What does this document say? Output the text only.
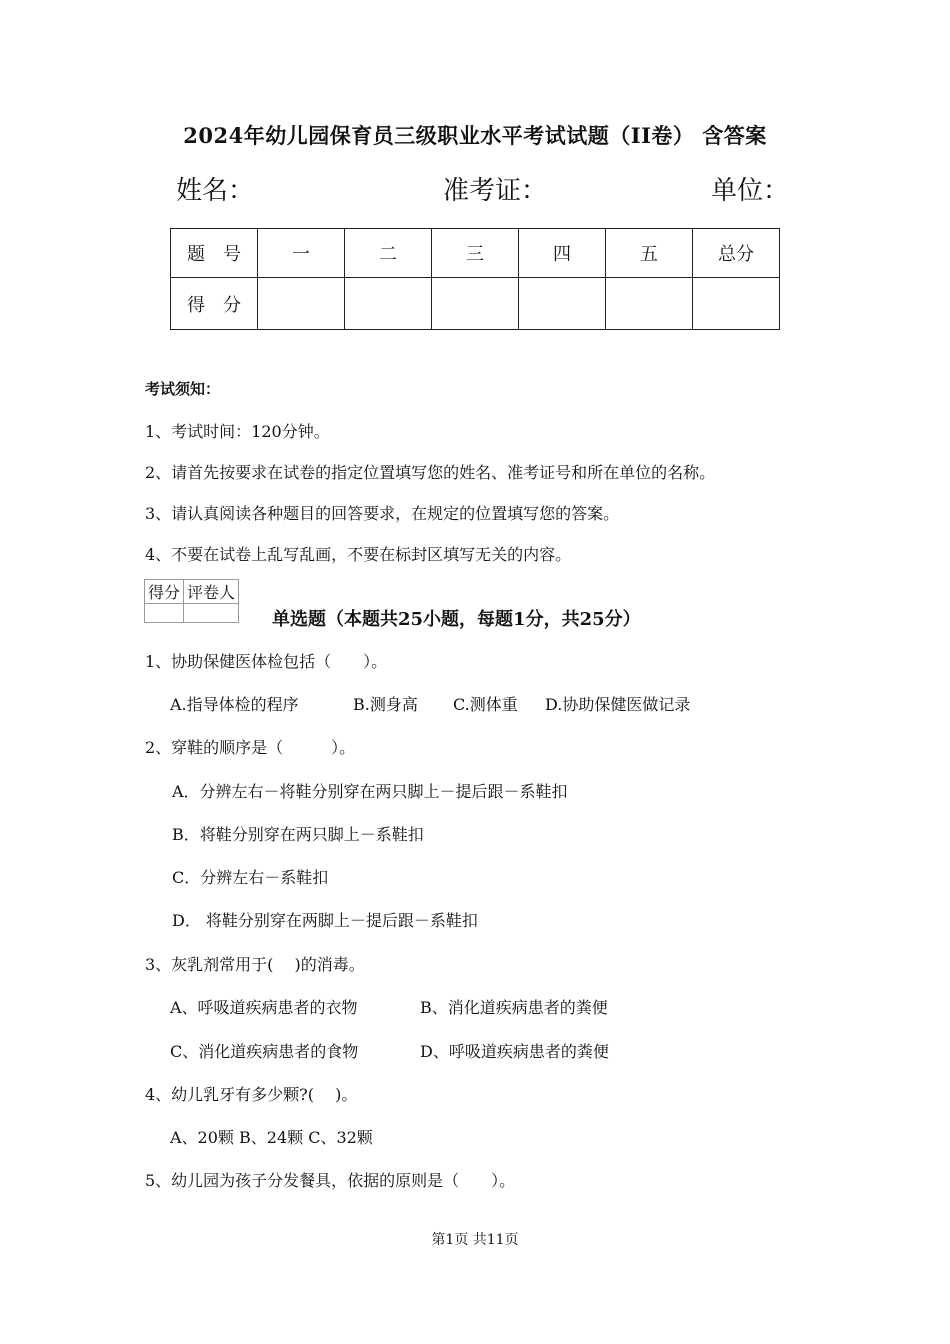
2024年幼儿园保育员三级职业水平考试试题（II卷） 含答案
姓名：	准考证：	单位：
题　号	一	二	三	四	五	总分
得　分						
考试须知：
1、考试时间：120分钟。
2、请首先按要求在试卷的指定位置填写您的姓名、准考证号和所在单位的名称。
3、请认真阅读各种题目的回答要求，在规定的位置填写您的答案。
4、不要在试卷上乱写乱画，不要在标封区填写无关的内容。
得分	评卷人

单选题（本题共25小题，每题1分，共25分）
1、协助保健医体检包括（　　）。
A.指导体检的程序	B.测身高 C.测体重 D.协助保健医做记录
2、穿鞋的顺序是（　　　）。
A．分辨左右－将鞋分别穿在两只脚上－提后跟－系鞋扣
B．将鞋分别穿在两只脚上－系鞋扣
C．分辨左右－系鞋扣
D． 将鞋分别穿在两脚上－提后跟－系鞋扣
3、灰乳剂常用于(　 )的消毒。
A、呼吸道疾病患者的衣物	B、消化道疾病患者的粪便
C、消化道疾病患者的食物	D、呼吸道疾病患者的粪便
4、幼儿乳牙有多少颗?(　 )。
A、20颗 B、24颗 C、32颗
5、幼儿园为孩子分发餐具，依据的原则是（　　）。
第1页 共11页
